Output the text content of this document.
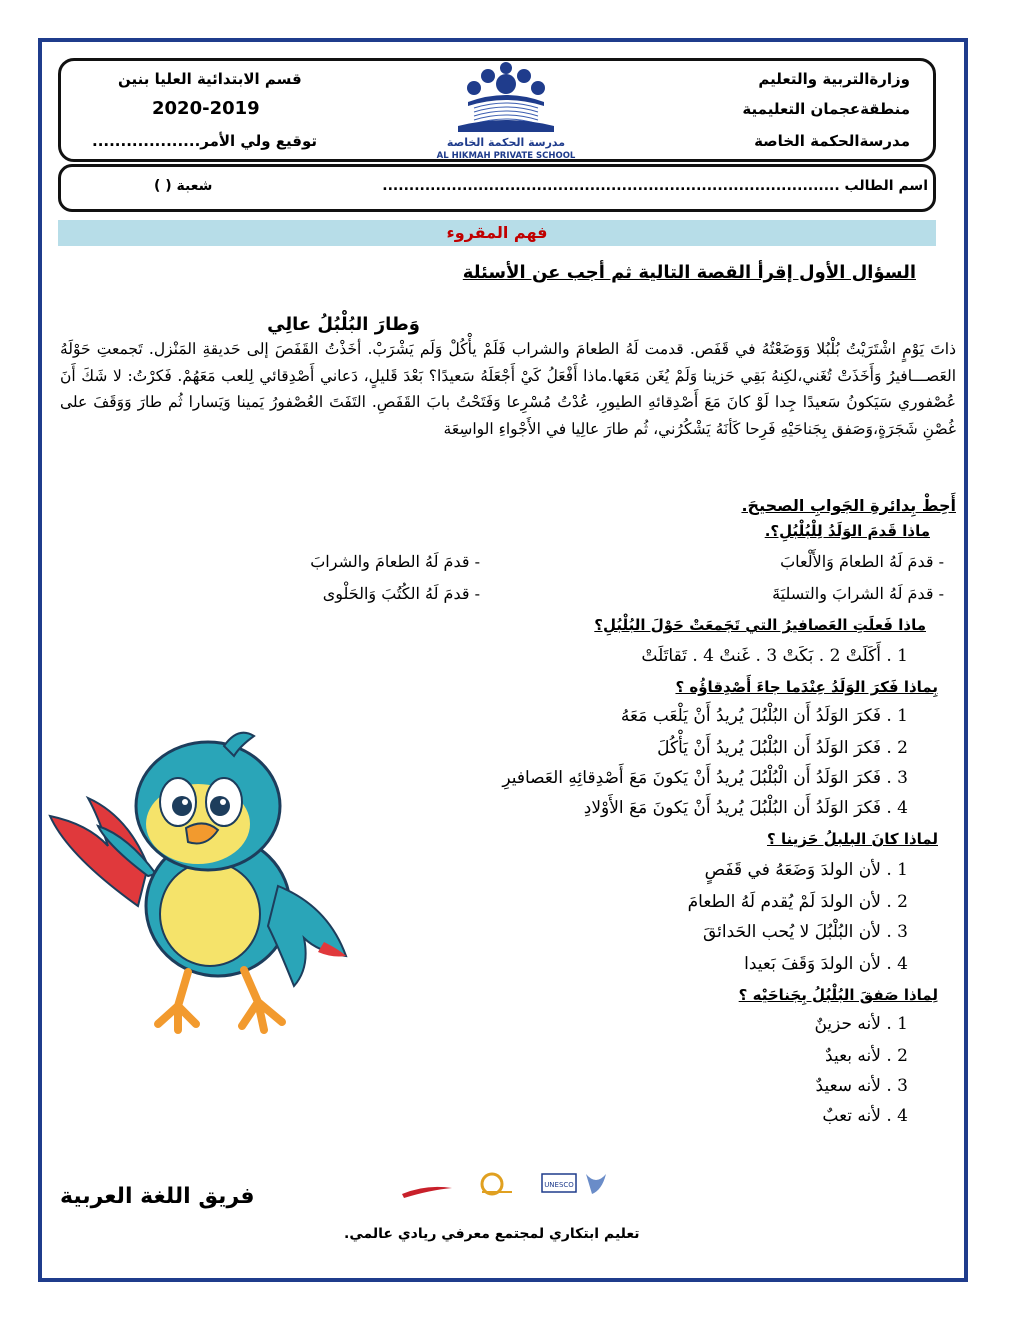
وزارةالتربية والتعليم
منطقةعجمان التعليمية
مدرسةالحكمة الخاصة
قسم الابتدائية العليا بنين
2020-2019
توقيع ولي الأمر...................	مدرسة الحكمة الخاصة
AL HIKMAH PRIVATE SCHOOL
اسم الطالب ......................................................................................
شعبة ( )
فهم المقروء
السؤال الأول إقرأ القصة التالية ثم أجب عن الأسئلة
وَطارَ البُلْبُلُ عالِي
ذاتَ يَوْمٍ اشْتَرَيْتُ بُلْبُلا وَوَضَعْتُهُ في قَفَص. قدمت لَهُ الطعامَ والشراب فَلَمْ يأْكُلْ وَلَم يَشْرَبْ. أخَذْتُ القَفَصَ إلى حَديقةِ المَنْزل. تَجمعتِ حَوْلَهُ العَصـــافيرُ وَأَخَذَتْ تُغَني،لكِنهُ بَقِي حَزينا وَلَمْ يُغَن مَعَها.ماذا أَفْعَلُ كَيْ أَجْعَلَهُ سَعيدًا؟ بَعْدَ قَليلٍ، دَعاني أَصْدِقائي لِلعب مَعَهُمْ. فَكرْتُ: لا شَكَ أَنَ عُصْفوري سَيَكونُ سَعيدًا جِدا لَوْ كانَ مَعَ أَصْدِقائهِ الطيورِ، عُدْتُ مُسْرِعا وَفَتَحْتُ بابَ القَفَصِ. التَفَتَ العُصْفورُ يَمينا وَيَسارا ثُم طارَ وَوَقَفَ على غُصْنِ شَجَرَةٍ،وَصَفق بِجَناحَيْهِ فَرِحا كَأنَهُ يَشْكُرُني، ثُم طارَ عالِيا في الأَجْواءِ الواسِعَة
أَحِطْ بِدائرةِ الجَوابِ الصحيحَ.
ماذا قَدمَ الوَلَدُ لِلْبُلْبُلِ؟.
- قدمَ لَهُ الطعامَ وَالأَلْعابَ
- قدمَ لَهُ الطعامَ والشرابَ
- قدمَ لَهُ الشرابَ والتسليَةَ
- قدمَ لَهُ الكُتُبَ وَالحَلْوى
ماذا فَعلَتِ العَصافيرُ التي تَجَمعَتْ حَوْلَ البُلْبُلِ؟
1 . أَكَلَتْ 2 . بَكَتْ 3 . غَنتْ 4 . تَقاتَلَتْ
بِماذا فَكرَ الوَلَدُ عِنْدَما جاءَ أَصْدِقاؤُه ؟
1 . فَكرَ الوَلَدُ أَن البُلْبُلَ يُريدُ أَنْ يَلْعَب مَعَهُ
2 . فَكرَ الوَلَدُ أَن البُلْبُلَ يُريدُ أَنْ يَأْكُلَ
3 . فَكرَ الوَلَدُ أَن الْبُلْبُلَ يُريدُ أَنْ يَكونَ مَعَ أَصْدِقائِهِ العَصافيرِ
4 . فَكرَ الوَلَدُ أَن البُلْبُلَ يُريدُ أَنْ يَكونَ مَعَ الأَوْلادِ
لماذا كانَ البلبلُ حَزينا ؟
1 . لأن الولدَ وَضَعَهُ في قَفَصٍ
2 . لأن الولدَ لَمْ يُقدم لَهُ الطعامَ
3 . لأن البُلْبُلَ لا يُحب الحَدائقَ
4 . لأن الولدَ وَقَفَ بَعيدا
لِماذا صَفقَ البُلْبُلُ بِجَناحَيْه ؟
1 . لأنه حزينٌ
2 . لأنه بعيدٌ
3 . لأنه سعيدٌ
4 . لأنه تعبٌ
فريق اللغة العربية	UNESCO
تعليم ابتكاري لمجتمع معرفي ريادي عالمي.
